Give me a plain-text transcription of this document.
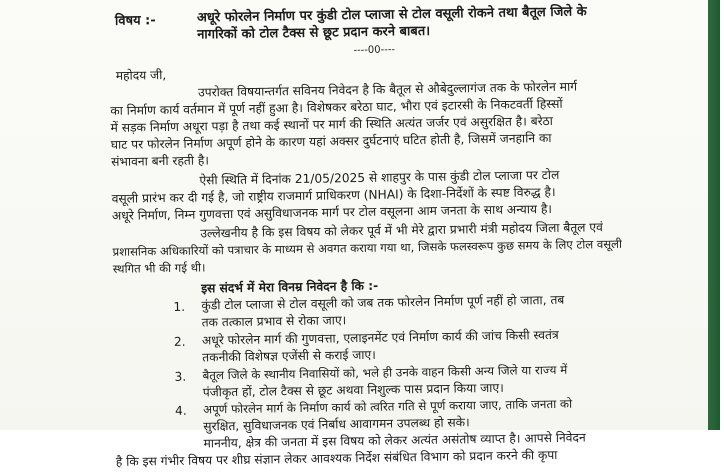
विषय :-	अधूरे फोरलेन निर्माण पर कुंडी टोल प्लाजा से टोल वसूली रोकने तथा बैतूल जिले के
नागरिकों को टोल टैक्स से छूट प्रदान करने बाबत।
----00----
महोदय जी,
उपरोक्त विषयान्तर्गत सविनय निवेदन है कि बैतूल से औबेदुल्लागंज तक के फोरलेन मार्ग
का निर्माण कार्य वर्तमान में पूर्ण नहीं हुआ है। विशेषकर बरेठा घाट, भौरा एवं इटारसी के निकटवर्ती हिस्सों
में सड़क निर्माण अधूरा पड़ा है तथा कई स्थानों पर मार्ग की स्थिति अत्यंत जर्जर एवं असुरक्षित है। बरेठा
घाट पर फोरलेन निर्माण अपूर्ण होने के कारण यहां अक्सर दुर्घटनाएं घटित होती है, जिसमें जनहानि का
संभावना बनी रहती है।
ऐसी स्थिति में दिनांक 21/05/2025 से शाहपुर के पास कुंडी टोल प्लाजा पर टोल
वसूली प्रारंभ कर दी गई है, जो राष्ट्रीय राजमार्ग प्राधिकरण (NHAI) के दिशा-निर्देशों के स्पष्ट विरुद्ध है।
अधूरे निर्माण, निम्न गुणवत्ता एवं असुविधाजनक मार्ग पर टोल वसूलना आम जनता के साथ अन्याय है।
उल्लेखनीय है कि इस विषय को लेकर पूर्व में भी मेरे द्वारा प्रभारी मंत्री महोदय जिला बैतूल एवं
प्रशासनिक अधिकारियों को पत्राचार के माध्यम से अवगत कराया गया था, जिसके फलस्वरूप कुछ समय के लिए टोल वसूली
स्थगित भी की गई थी।
इस संदर्भ में मेरा विनम्र निवेदन है कि :-
1. कुंडी टोल प्लाजा से टोल वसूली को जब तक फोरलेन निर्माण पूर्ण नहीं हो जाता, तब
तक तत्काल प्रभाव से रोका जाए।
2. अधूरे फोरलेन मार्ग की गुणवत्ता, एलाइनमेंट एवं निर्माण कार्य की जांच किसी स्वतंत्र
तकनीकी विशेषज्ञ एजेंसी से कराई जाए।
3. बैतूल जिले के स्थानीय निवासियों को, भले ही उनके वाहन किसी अन्य जिले या राज्य में
पंजीकृत हों, टोल टैक्स से छूट अथवा निशुल्क पास प्रदान किया जाए।
4. अपूर्ण फोरलेन मार्ग के निर्माण कार्य को त्वरित गति से पूर्ण कराया जाए, ताकि जनता को
सुरक्षित, सुविधाजनक एवं निर्बाध आवागमन उपलब्ध हो सके।
माननीय, क्षेत्र की जनता में इस विषय को लेकर अत्यंत असंतोष व्याप्त है। आपसे निवेदन
है कि इस गंभीर विषय पर शीघ्र संज्ञान लेकर आवश्यक निर्देश संबंधित विभाग को प्रदान करने की कृपा
